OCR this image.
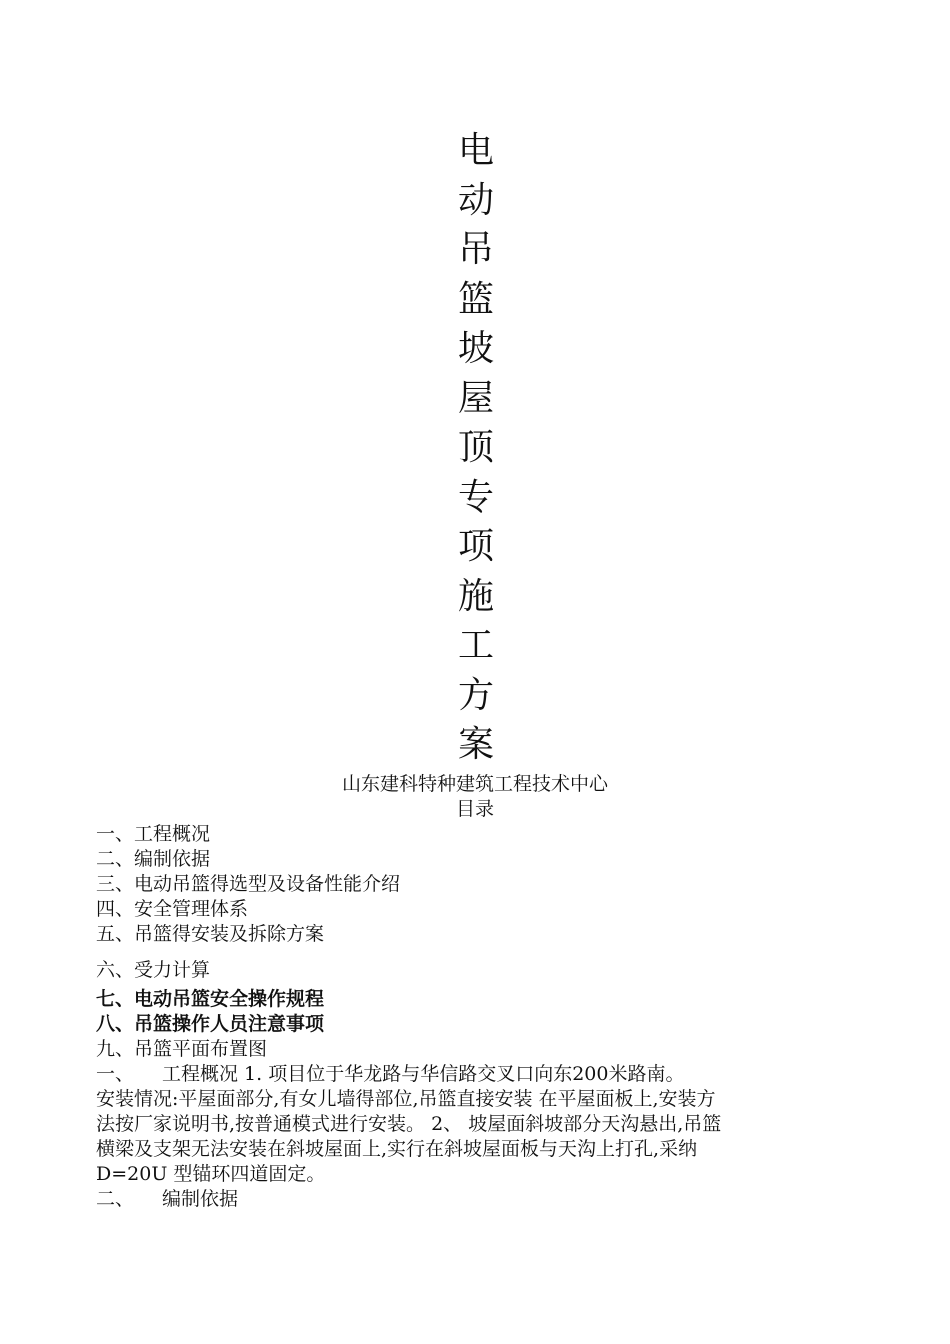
电
动
吊
篮
坡
屋
顶
专
项
施
工
方
案
山东建科特种建筑工程技术中心
目录
一、工程概况
二、编制依据
三、电动吊篮得选型及设备性能介绍
四、安全管理体系
五、吊篮得安装及拆除方案
六、受力计算
七、电动吊篮安全操作规程
八、吊篮操作人员注意事项
九、吊篮平面布置图
一、 工程概况 1. 项目位于华龙路与华信路交叉口向东200米路南。
安装情况:平屋面部分,有女儿墙得部位,吊篮直接安装 在平屋面板上,安装方
法按厂家说明书,按普通模式进行安装。 2、 坡屋面斜坡部分天沟悬出,吊篮
横梁及支架无法安装在斜坡屋面上,实行在斜坡屋面板与天沟上打孔,采纳
D=20U 型锚环四道固定。
二、 编制依据
